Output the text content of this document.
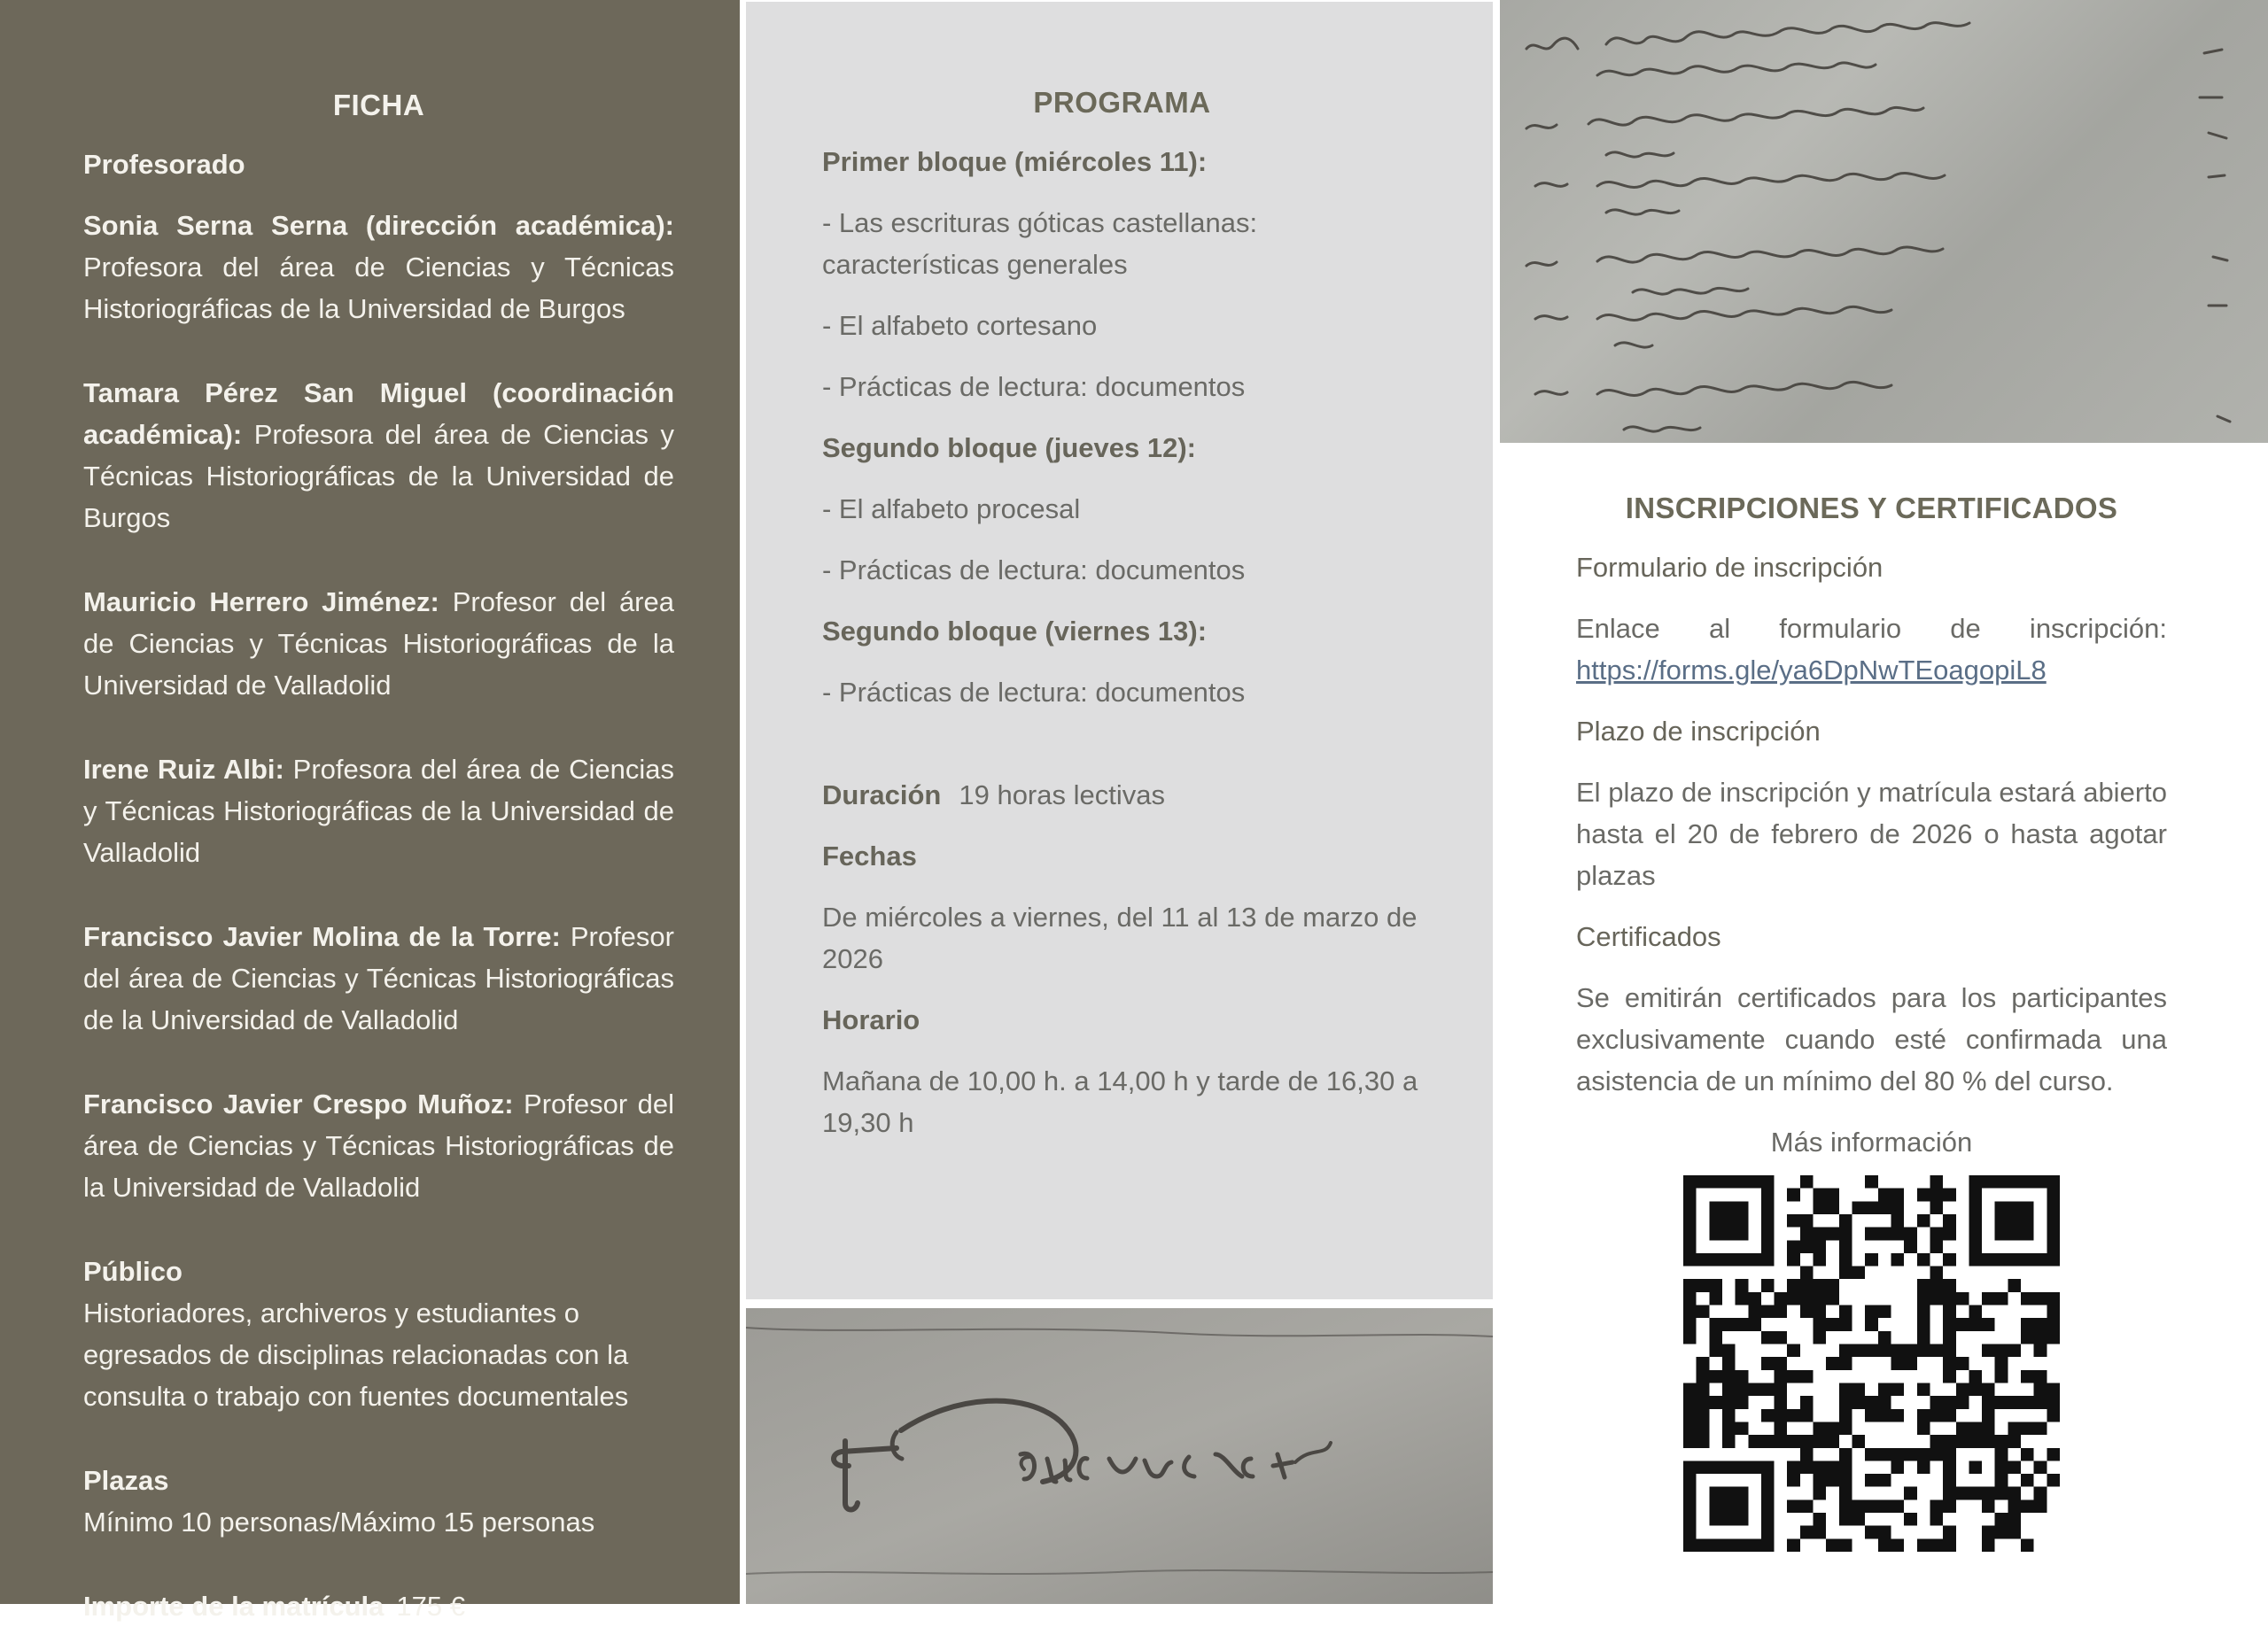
FICHA
Profesorado
Sonia Serna Serna (dirección académica): Profesora del área de Ciencias y Técnicas Historiográficas de la Universidad de Burgos
Tamara Pérez San Miguel (coordinación académica): Profesora del área de Ciencias y Técnicas Historiográficas de la Universidad de Burgos
Mauricio Herrero Jiménez: Profesor del área de Ciencias y Técnicas Historiográficas de la Universidad de Valladolid
Irene Ruiz Albi: Profesora del área de Ciencias y Técnicas Historiográficas de la Universidad de Valladolid
Francisco Javier Molina de la Torre: Profesor del área de Ciencias y Técnicas Historiográficas de la Universidad de Valladolid
Francisco Javier Crespo Muñoz: Profesor del área de Ciencias y Técnicas Historiográficas de la Universidad de Valladolid
Público
Historiadores, archiveros y estudiantes o egresados de disciplinas relacionadas con la consulta o trabajo con fuentes documentales
Plazas
Mínimo 10 personas/Máximo 15 personas
Importe de la matrícula 175 €
PROGRAMA
Primer bloque (miércoles 11):
- Las escrituras góticas castellanas: características generales
- El alfabeto cortesano
- Prácticas de lectura: documentos
Segundo bloque (jueves 12):
- El alfabeto procesal
- Prácticas de lectura: documentos
Segundo bloque (viernes 13):
- Prácticas de lectura: documentos
Duración 19 horas lectivas
Fechas
De miércoles a viernes, del 11 al 13 de marzo de 2026
Horario
Mañana de 10,00 h. a 14,00 h y tarde de 16,30 a 19,30 h
INSCRIPCIONES Y CERTIFICADOS
Formulario de inscripción
Enlace al formulario de inscripción: https://forms.gle/ya6DpNwTEoagopiL8
Plazo de inscripción
El plazo de inscripción y matrícula estará abierto hasta el 20 de febrero de 2026 o hasta agotar plazas
Certificados
Se emitirán certificados para los participantes exclusivamente cuando esté confirmada una asistencia de un mínimo del 80 % del curso.
Más información
